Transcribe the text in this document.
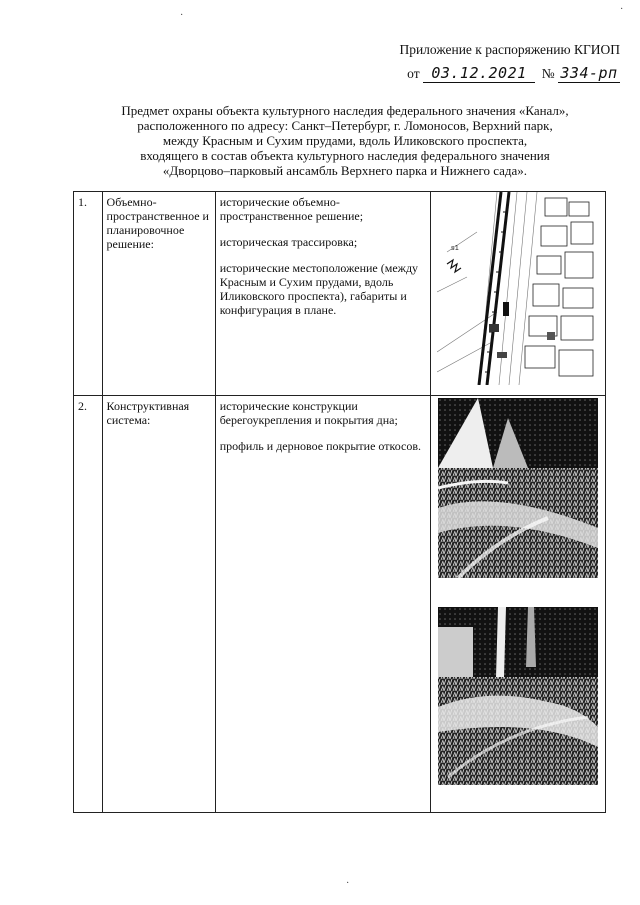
·
·
Приложение к распоряжению КГИОП
от 03.12.2021 № 334-рп
Предмет охраны объекта культурного наследия федерального значения «Канал»,
расположенного по адресу: Санкт–Петербург, г. Ломоносов, Верхний парк,
между Красным и Сухим прудами, вдоль Иликовского проспекта,
входящего в состав объекта культурного наследия федерального значения
«Дворцово–парковый ансамбль Верхнего парка и Нижнего сада».
1.	Объемно-пространственное и планировочное решение:	исторические объемно-пространственное решение;
историческая трассировка;
исторические местоположение (между Красным и Сухим прудами, вдоль Иликовского проспекта), габариты и конфигурация в плане.	s1

2.	Конструктивная система:	исторические конструкции берегоукрепления и покрытия дна;
профиль и дерновое покрытие откосов.

·
